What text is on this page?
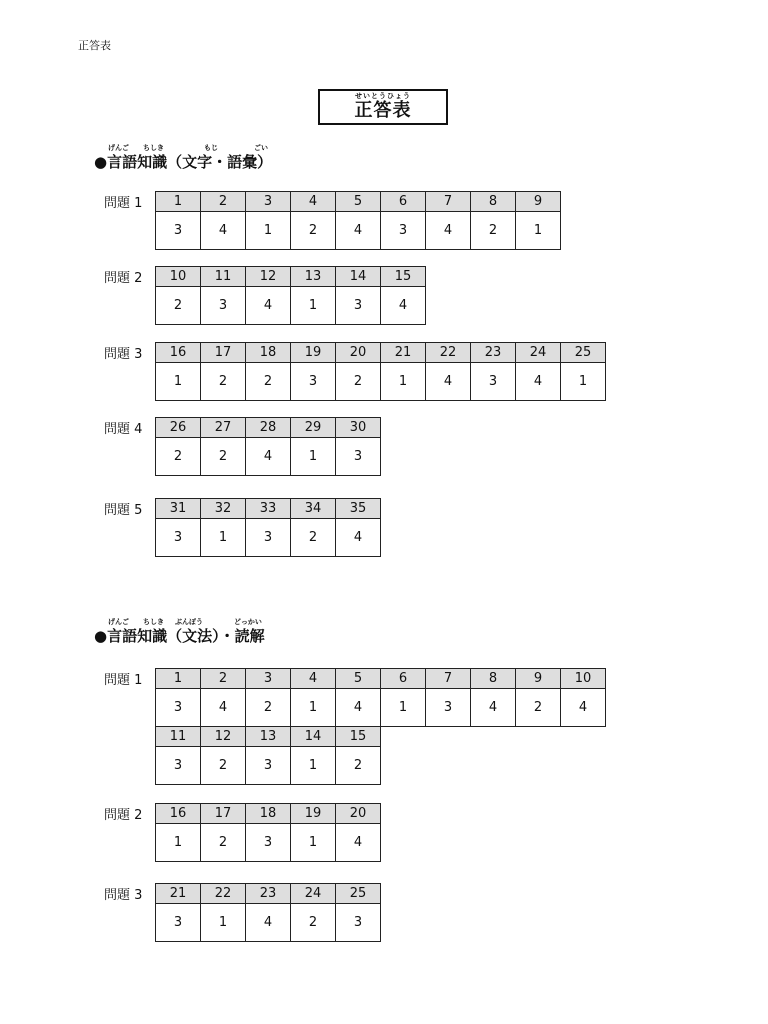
正答表
せいとうひょう
正答表
げんご ちしき	もじ	ごい
●言語知識（文字・語彙）
問題 1 1	2	3	4	5	6	7	8	9
3	4	1	2	4	3	4	2	1
問題 2 10	11	12	13	14	15
2	3	4	1	3	4
問題 3 16	17	18	19	20	21	22	23	24	25
1	2	2	3	2	1	4	3	4	1
問題 4 26	27	28	29	30
2	2	4	1	3
問題 5 31	32	33	34	35
3	1	3	2	4
げんご ちしき ぶんぽう	どっかい
●言語知識（文法）・読解
問題 1 1	2	3	4	5	6	7	8	9	10
3	4	2	1	4	1	3	4	2	4
11	12	13	14	15
3	2	3	1	2
問題 2 16	17	18	19	20
1	2	3	1	4
問題 3 21	22	23	24	25
3	1	4	2	3
